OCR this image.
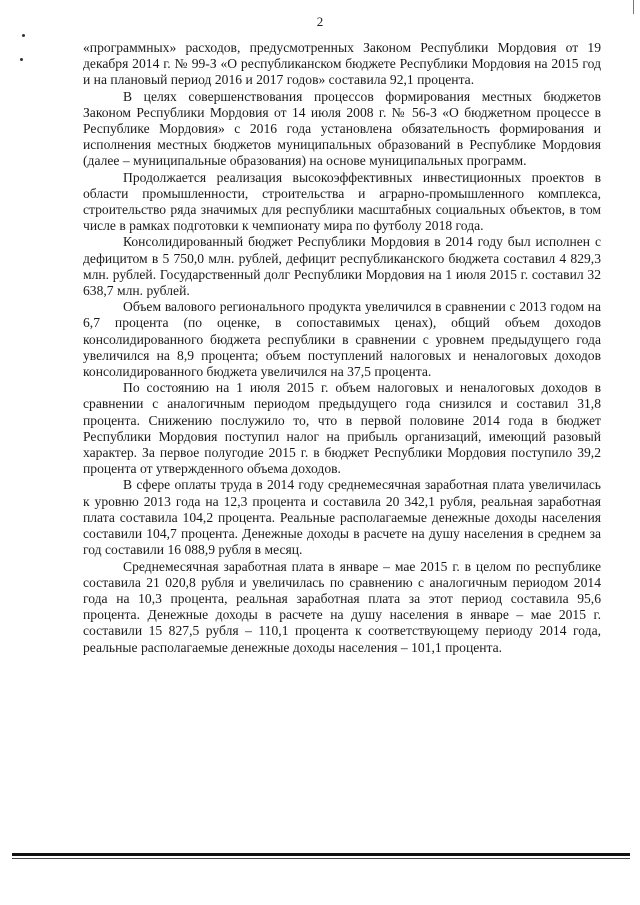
2

«программных» расходов, предусмотренных Законом Республики Мордовия от 19 декабря 2014 г. № 99-З «О республиканском бюджете Республики Мордовия на 2015 год и на плановый период 2016 и 2017 годов» составила 92,1 процента.

В целях совершенствования процессов формирования местных бюджетов Законом Республики Мордовия от 14 июля 2008 г. № 56-З «О бюджетном процессе в Республике Мордовия» с 2016 года установлена обязательность формирования и исполнения местных бюджетов муниципальных образований в Республике Мордовия (далее – муниципальные образования) на основе муниципальных программ.

Продолжается реализация высокоэффективных инвестиционных проектов в области промышленности, строительства и аграрно-промышленного комплекса, строительство ряда значимых для республики масштабных социальных объектов, в том числе в рамках подготовки к чемпионату мира по футболу 2018 года.

Консолидированный бюджет Республики Мордовия в 2014 году был исполнен с дефицитом в 5 750,0 млн. рублей, дефицит республиканского бюджета составил 4 829,3 млн. рублей. Государственный долг Республики Мордовия на 1 июля 2015 г. составил 32 638,7 млн. рублей.

Объем валового регионального продукта увеличился в сравнении с 2013 годом на 6,7 процента (по оценке, в сопоставимых ценах), общий объем доходов консолидированного бюджета республики в сравнении с уровнем предыдущего года увеличился на 8,9 процента; объем поступлений налоговых и неналоговых доходов консолидированного бюджета увеличился на 37,5 процента.

По состоянию на 1 июля 2015 г. объем налоговых и неналоговых доходов в сравнении с аналогичным периодом предыдущего года снизился и составил 31,8 процента. Снижению послужило то, что в первой половине 2014 года в бюджет Республики Мордовия поступил налог на прибыль организаций, имеющий разовый характер. За первое полугодие 2015 г. в бюджет Республики Мордовия поступило 39,2 процента от утвержденного объема доходов.

В сфере оплаты труда в 2014 году среднемесячная заработная плата увеличилась к уровню 2013 года на 12,3 процента и составила 20 342,1 рубля, реальная заработная плата составила 104,2 процента. Реальные располагаемые денежные доходы населения составили 104,7 процента. Денежные доходы в расчете на душу населения в среднем за год составили 16 088,9 рубля в месяц.

Среднемесячная заработная плата в январе – мае 2015 г. в целом по республике составила 21 020,8 рубля и увеличилась по сравнению с аналогичным периодом 2014 года на 10,3 процента, реальная заработная плата за этот период составила 95,6 процента. Денежные доходы в расчете на душу населения в январе – мае 2015 г. составили 15 827,5 рубля – 110,1 процента к соответствующему периоду 2014 года, реальные располагаемые денежные доходы населения – 101,1 процента.
